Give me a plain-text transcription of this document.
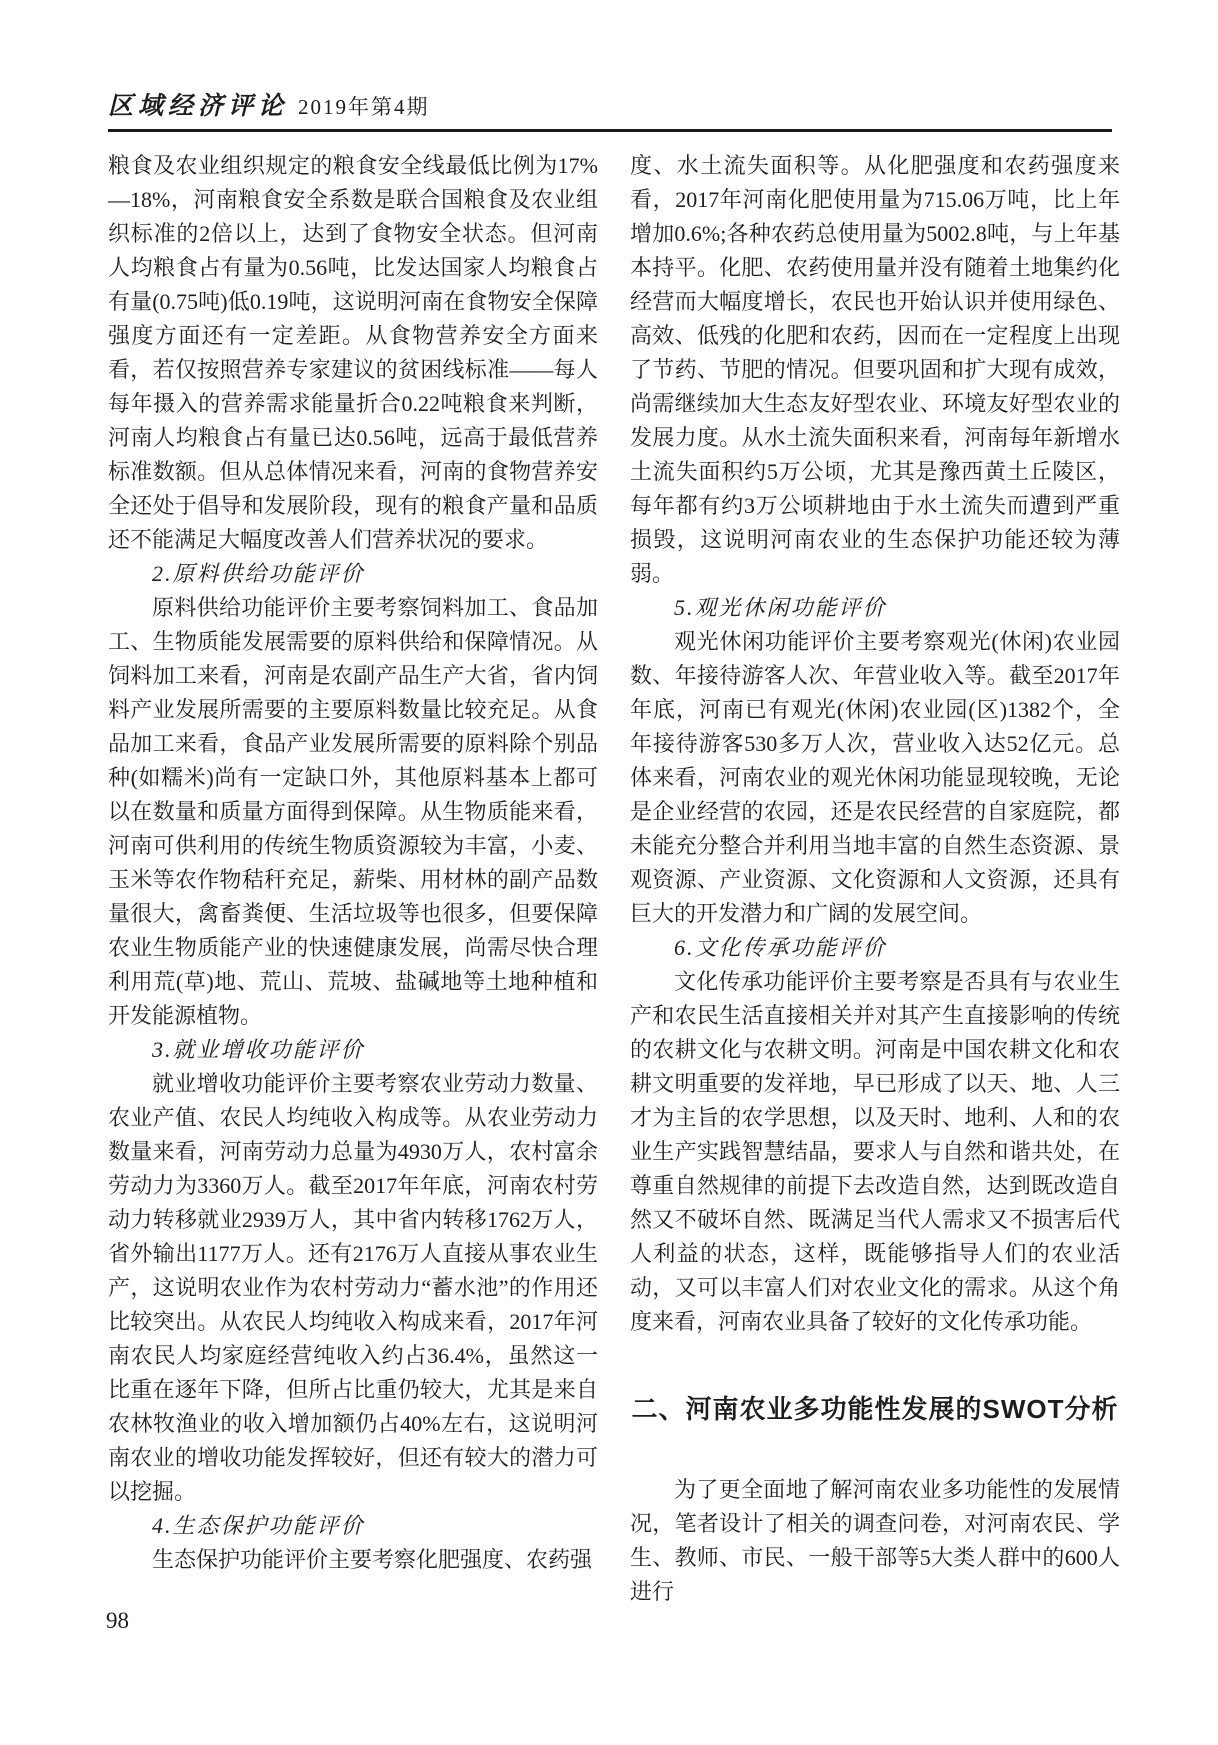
区域经济评论 2019年第4期

粮食及农业组织规定的粮食安全线最低比例为17%—18%，河南粮食安全系数是联合国粮食及农业组织标准的2倍以上，达到了食物安全状态。但河南人均粮食占有量为0.56吨，比发达国家人均粮食占有量(0.75吨)低0.19吨，这说明河南在食物安全保障强度方面还有一定差距。从食物营养安全方面来看，若仅按照营养专家建议的贫困线标准——每人每年摄入的营养需求能量折合0.22吨粮食来判断，河南人均粮食占有量已达0.56吨，远高于最低营养标准数额。但从总体情况来看，河南的食物营养安全还处于倡导和发展阶段，现有的粮食产量和品质还不能满足大幅度改善人们营养状况的要求。

2.原料供给功能评价

原料供给功能评价主要考察饲料加工、食品加工、生物质能发展需要的原料供给和保障情况。从饲料加工来看，河南是农副产品生产大省，省内饲料产业发展所需要的主要原料数量比较充足。从食品加工来看，食品产业发展所需要的原料除个别品种(如糯米)尚有一定缺口外，其他原料基本上都可以在数量和质量方面得到保障。从生物质能来看，河南可供利用的传统生物质资源较为丰富，小麦、玉米等农作物秸秆充足，薪柴、用材林的副产品数量很大，禽畜粪便、生活垃圾等也很多，但要保障农业生物质能产业的快速健康发展，尚需尽快合理利用荒(草)地、荒山、荒坡、盐碱地等土地种植和开发能源植物。

3.就业增收功能评价

就业增收功能评价主要考察农业劳动力数量、农业产值、农民人均纯收入构成等。从农业劳动力数量来看，河南劳动力总量为4930万人，农村富余劳动力为3360万人。截至2017年年底，河南农村劳动力转移就业2939万人，其中省内转移1762万人，省外输出1177万人。还有2176万人直接从事农业生产，这说明农业作为农村劳动力“蓄水池”的作用还比较突出。从农民人均纯收入构成来看，2017年河南农民人均家庭经营纯收入约占36.4%，虽然这一比重在逐年下降，但所占比重仍较大，尤其是来自农林牧渔业的收入增加额仍占40%左右，这说明河南农业的增收功能发挥较好，但还有较大的潜力可以挖掘。

4.生态保护功能评价

生态保护功能评价主要考察化肥强度、农药强

度、水土流失面积等。从化肥强度和农药强度来看，2017年河南化肥使用量为715.06万吨，比上年增加0.6%;各种农药总使用量为5002.8吨，与上年基本持平。化肥、农药使用量并没有随着土地集约化经营而大幅度增长，农民也开始认识并使用绿色、高效、低残的化肥和农药，因而在一定程度上出现了节药、节肥的情况。但要巩固和扩大现有成效，尚需继续加大生态友好型农业、环境友好型农业的发展力度。从水土流失面积来看，河南每年新增水土流失面积约5万公顷，尤其是豫西黄土丘陵区，每年都有约3万公顷耕地由于水土流失而遭到严重损毁，这说明河南农业的生态保护功能还较为薄弱。

5.观光休闲功能评价

观光休闲功能评价主要考察观光(休闲)农业园数、年接待游客人次、年营业收入等。截至2017年年底，河南已有观光(休闲)农业园(区)1382个，全年接待游客530多万人次，营业收入达52亿元。总体来看，河南农业的观光休闲功能显现较晚，无论是企业经营的农园，还是农民经营的自家庭院，都未能充分整合并利用当地丰富的自然生态资源、景观资源、产业资源、文化资源和人文资源，还具有巨大的开发潜力和广阔的发展空间。

6.文化传承功能评价

文化传承功能评价主要考察是否具有与农业生产和农民生活直接相关并对其产生直接影响的传统的农耕文化与农耕文明。河南是中国农耕文化和农耕文明重要的发祥地，早已形成了以天、地、人三才为主旨的农学思想，以及天时、地利、人和的农业生产实践智慧结晶，要求人与自然和谐共处，在尊重自然规律的前提下去改造自然，达到既改造自然又不破坏自然、既满足当代人需求又不损害后代人利益的状态，这样，既能够指导人们的农业活动，又可以丰富人们对农业文化的需求。从这个角度来看，河南农业具备了较好的文化传承功能。

二、河南农业多功能性发展的SWOT分析

为了更全面地了解河南农业多功能性的发展情况，笔者设计了相关的调查问卷，对河南农民、学生、教师、市民、一般干部等5大类人群中的600人进行

98
